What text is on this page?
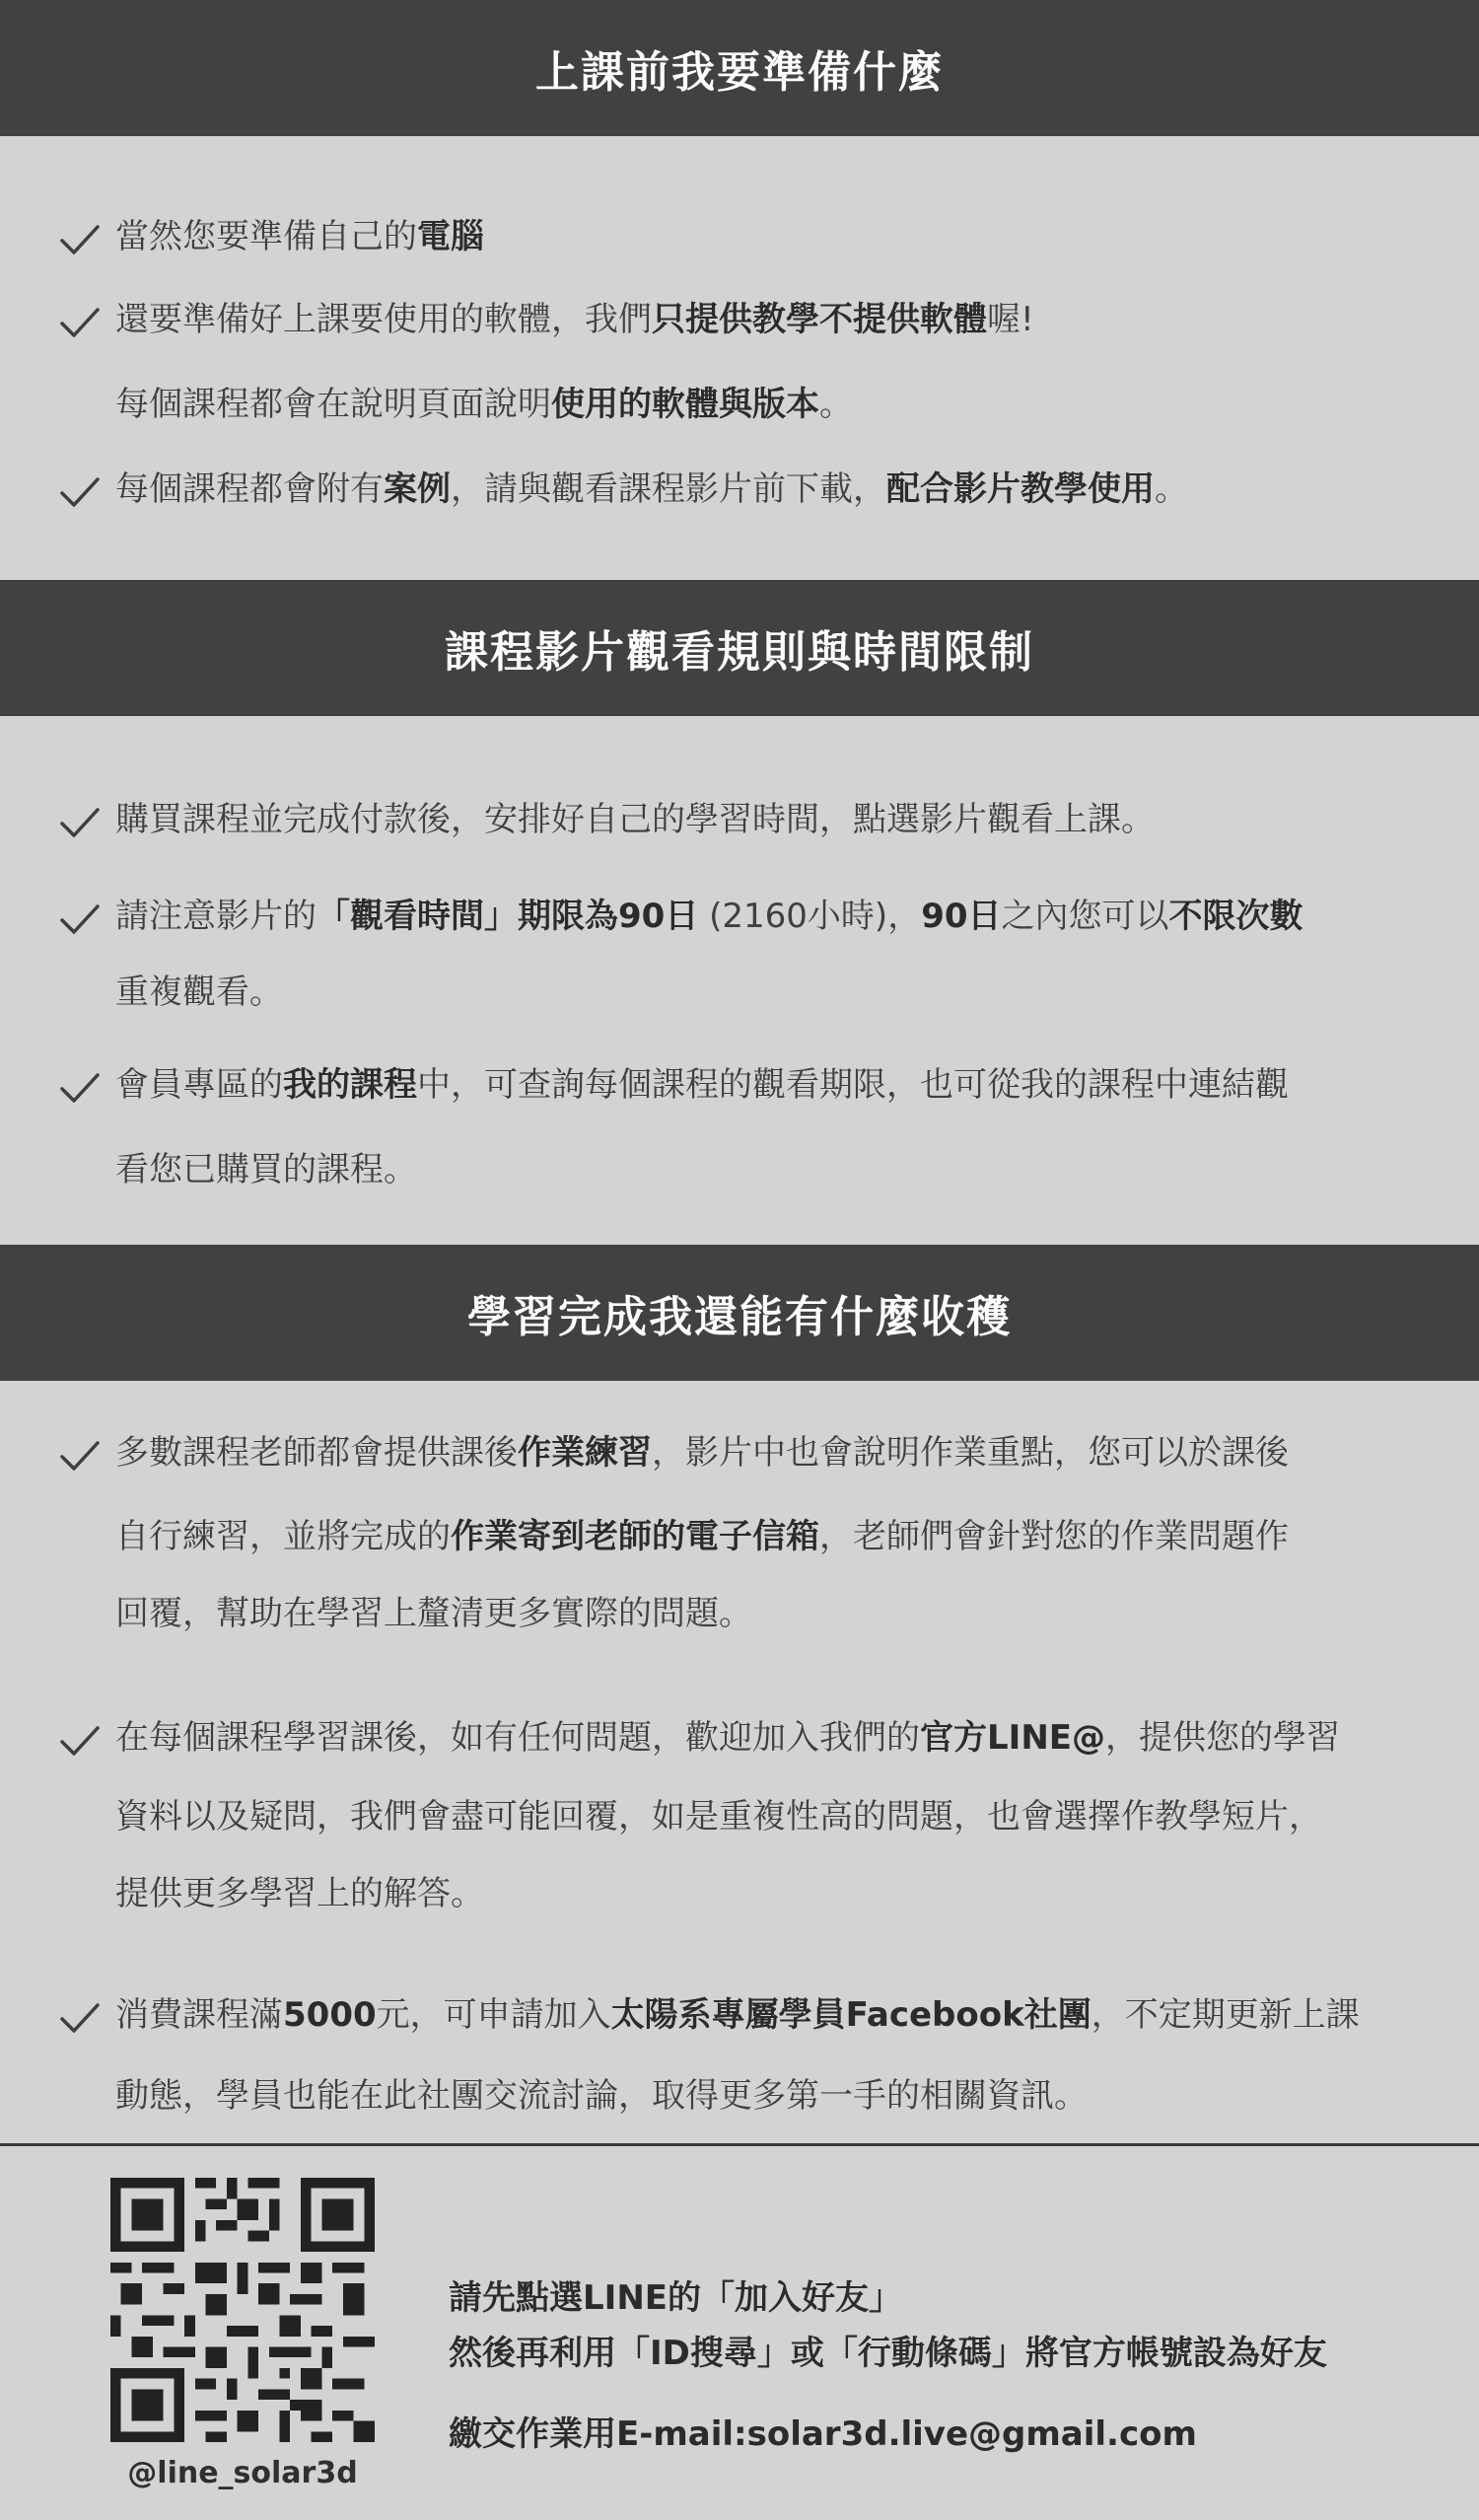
上課前我要準備什麼
當然您要準備自己的電腦
還要準備好上課要使用的軟體，我們只提供教學不提供軟體喔!
每個課程都會在說明頁面說明使用的軟體與版本。
每個課程都會附有案例，請與觀看課程影片前下載，配合影片教學使用。
課程影片觀看規則與時間限制
購買課程並完成付款後，安排好自己的學習時間，點選影片觀看上課。
請注意影片的「觀看時間」期限為90日 (2160小時)，90日之內您可以不限次數
重複觀看。
會員專區的我的課程中，可查詢每個課程的觀看期限，也可從我的課程中連結觀
看您已購買的課程。
學習完成我還能有什麼收穫
多數課程老師都會提供課後作業練習，影片中也會說明作業重點，您可以於課後
自行練習，並將完成的作業寄到老師的電子信箱，老師們會針對您的作業問題作
回覆，幫助在學習上釐清更多實際的問題。
在每個課程學習課後，如有任何問題，歡迎加入我們的官方LINE@，提供您的學習
資料以及疑問，我們會盡可能回覆，如是重複性高的問題，也會選擇作教學短片，
提供更多學習上的解答。
消費課程滿5000元，可申請加入太陽系專屬學員Facebook社團，不定期更新上課
動態，學員也能在此社團交流討論，取得更多第一手的相關資訊。
@line_solar3d
請先點選LINE的「加入好友」
然後再利用「ID搜尋」或「行動條碼」將官方帳號設為好友
繳交作業用E-mail:solar3d.live@gmail.com
